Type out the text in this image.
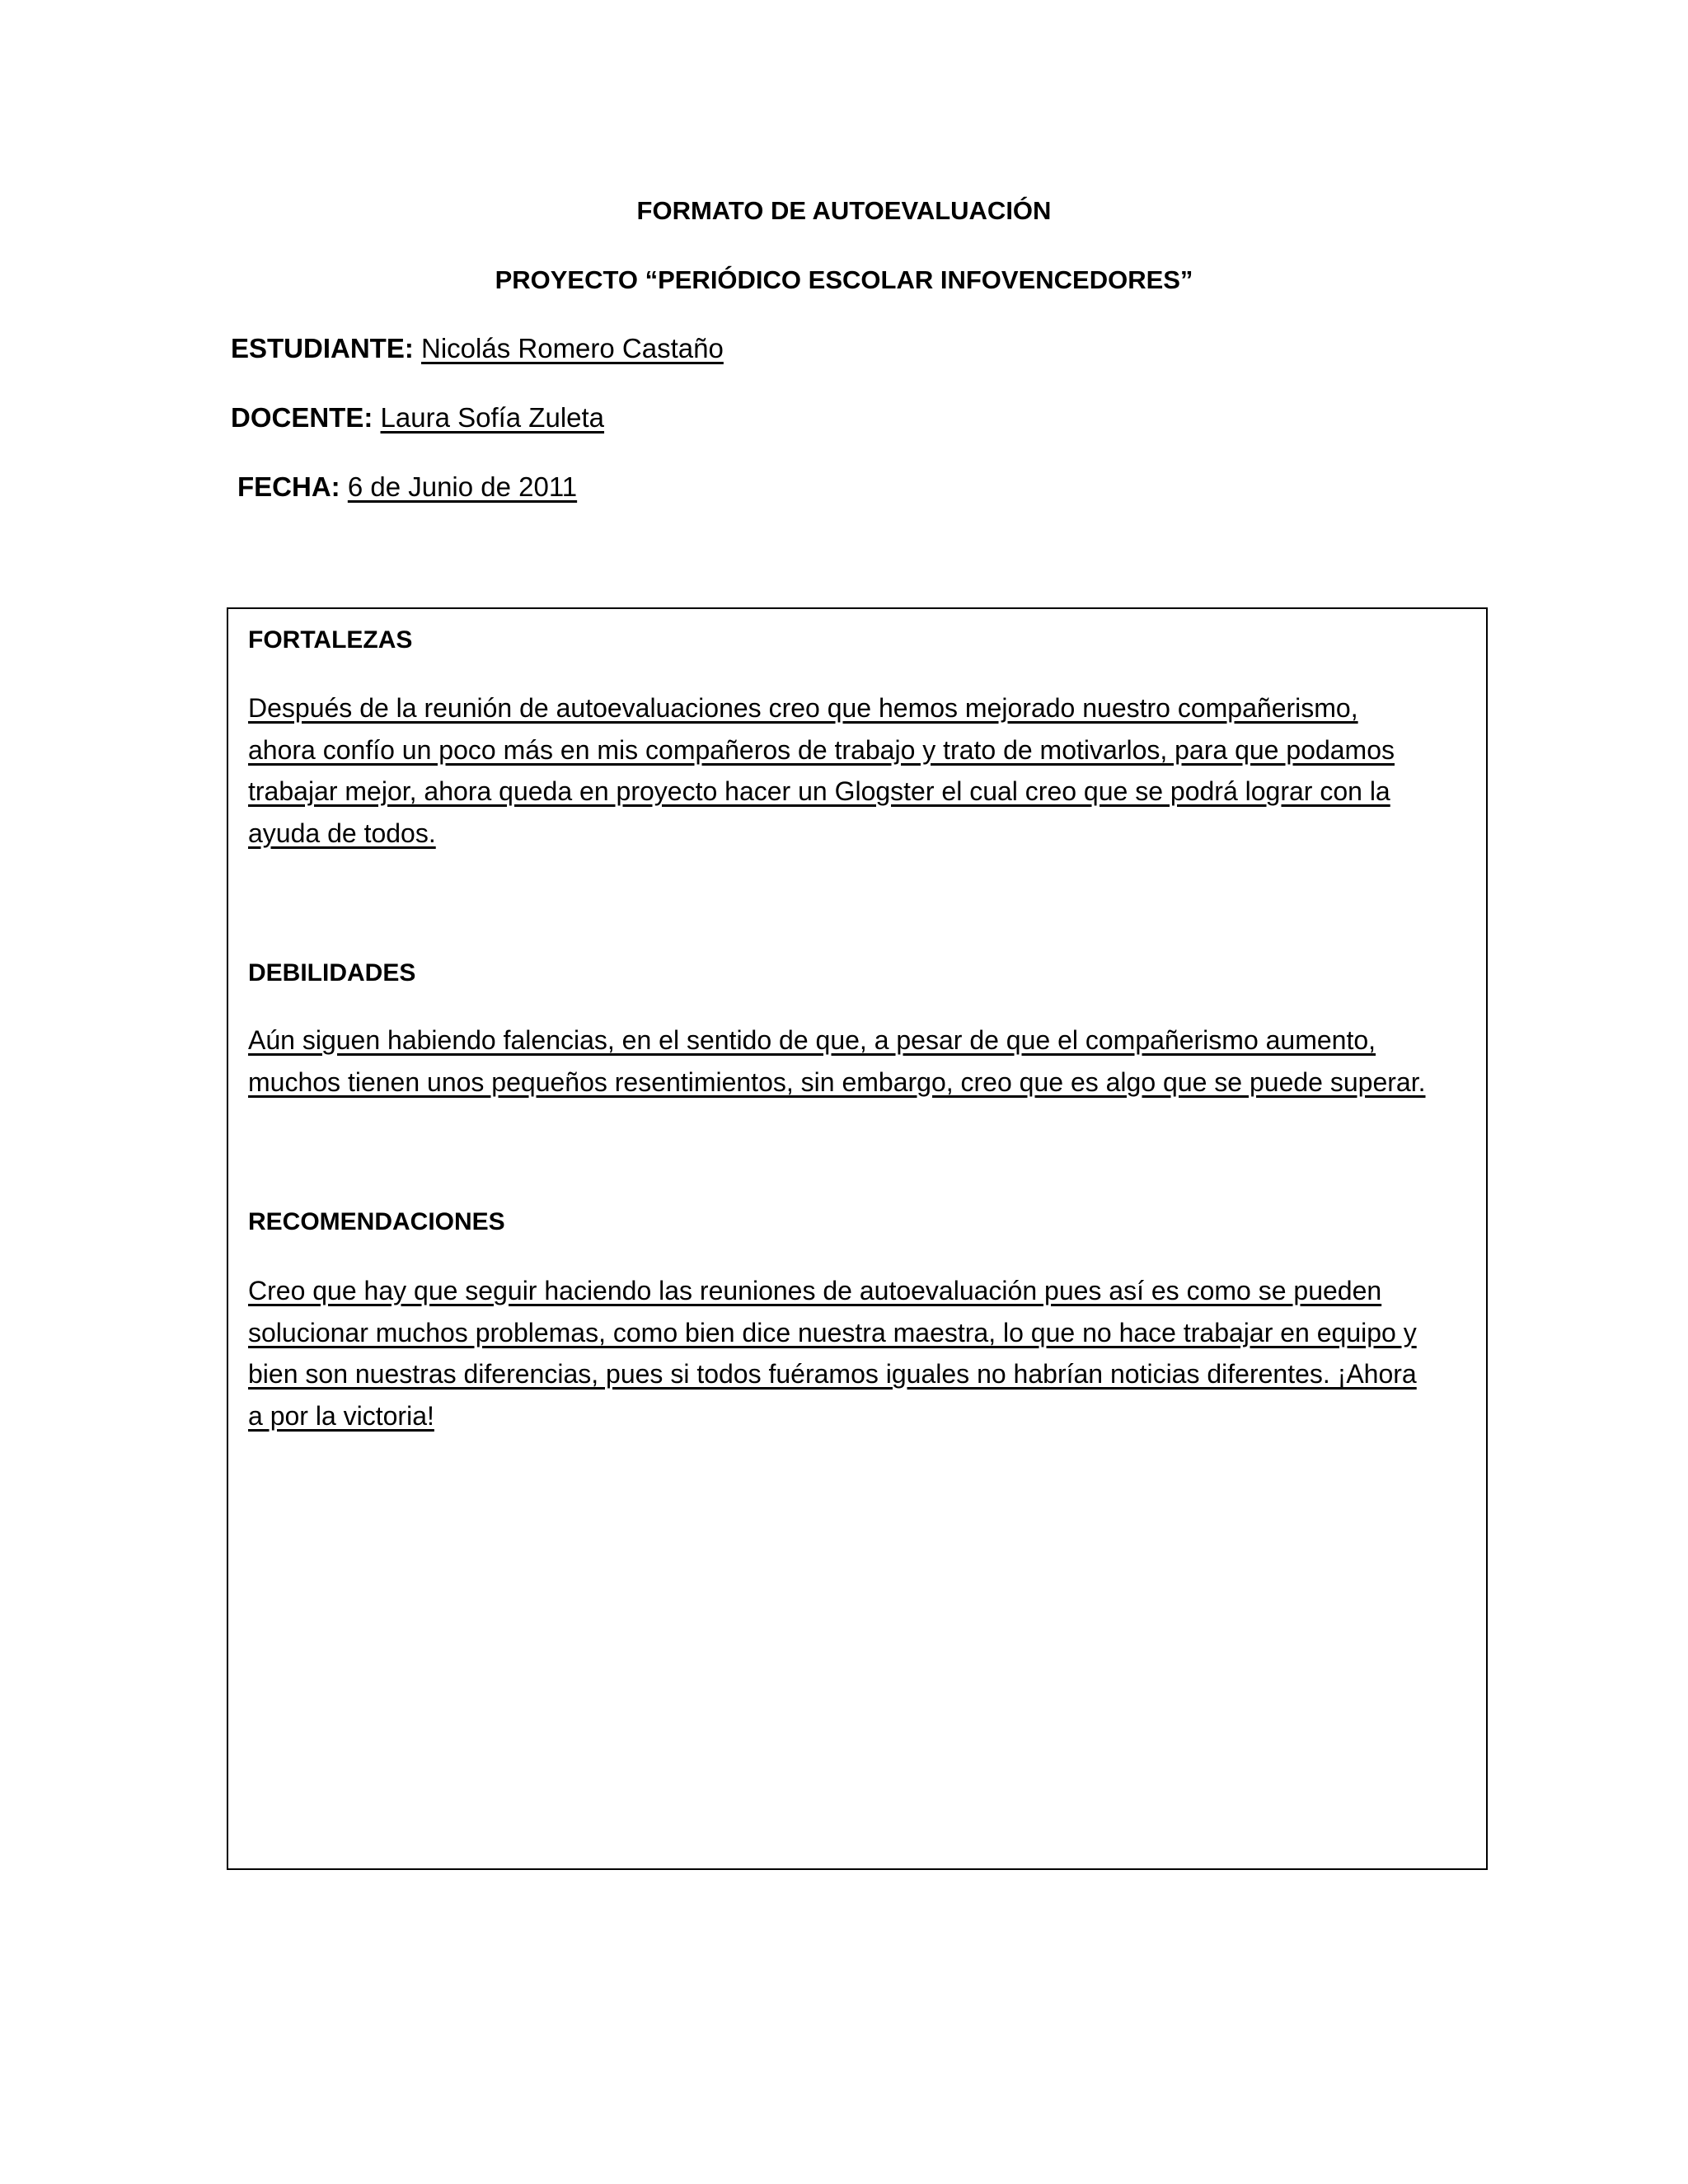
FORMATO DE AUTOEVALUACIÓN
PROYECTO “PERIÓDICO ESCOLAR INFOVENCEDORES”
ESTUDIANTE: Nicolás Romero Castaño
DOCENTE: Laura Sofía Zuleta
FECHA: 6 de Junio de 2011
FORTALEZAS
Después de la reunión de autoevaluaciones creo que hemos mejorado nuestro compañerismo,
ahora confío un poco más en mis compañeros de trabajo y trato de motivarlos, para que podamos
trabajar mejor, ahora queda en proyecto hacer un Glogster el cual creo que se podrá lograr con la
ayuda de todos.
DEBILIDADES
Aún siguen habiendo falencias, en el sentido de que, a pesar de que el compañerismo aumento,
muchos tienen unos pequeños resentimientos, sin embargo, creo que es algo que se puede superar.
RECOMENDACIONES
Creo que hay que seguir haciendo las reuniones de autoevaluación pues así es como se pueden
solucionar muchos problemas, como bien dice nuestra maestra, lo que no hace trabajar en equipo y
bien son nuestras diferencias, pues si todos fuéramos iguales no habrían noticias diferentes. ¡Ahora
a por la victoria!
